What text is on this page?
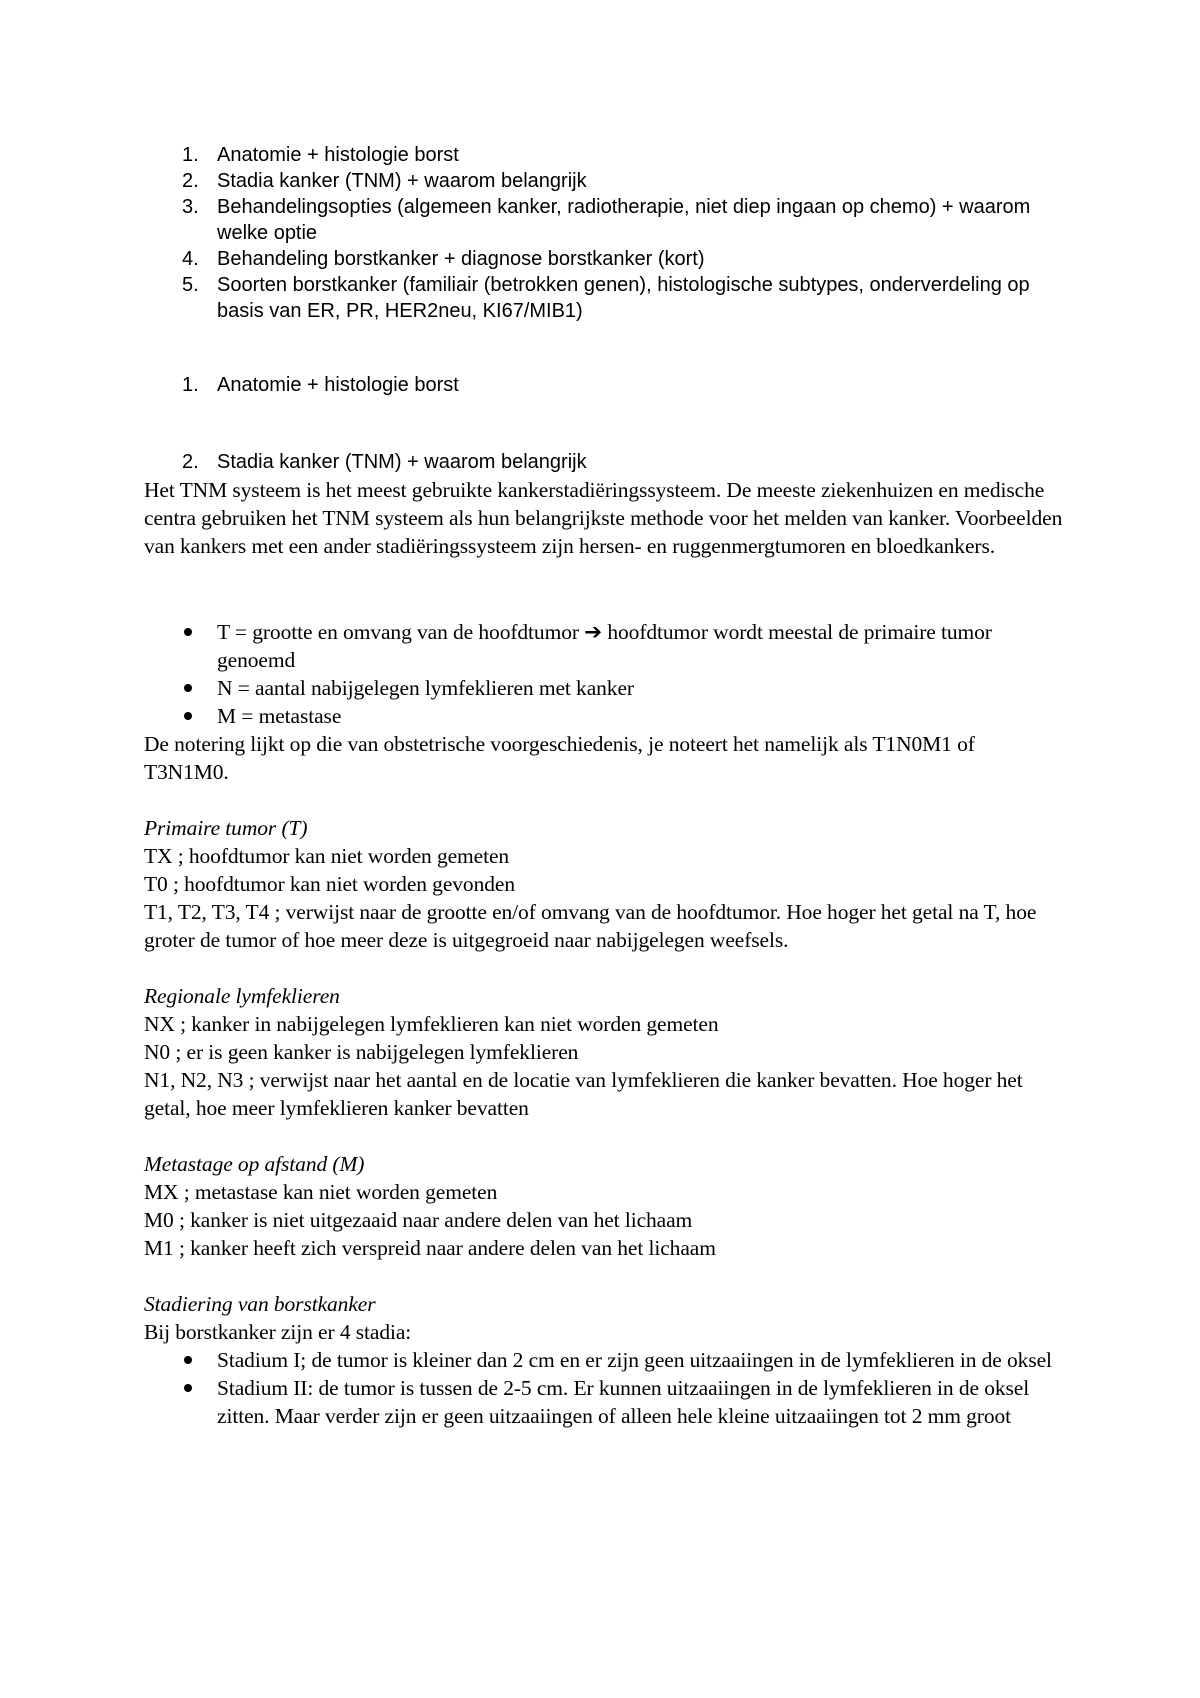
1. Anatomie + histologie borst
2. Stadia kanker (TNM) + waarom belangrijk
3. Behandelingsopties (algemeen kanker, radiotherapie, niet diep ingaan op chemo) + waarom welke optie
4. Behandeling borstkanker + diagnose borstkanker (kort)
5. Soorten borstkanker (familiair (betrokken genen), histologische subtypes, onderverdeling op basis van ER, PR, HER2neu, KI67/MIB1)
1. Anatomie + histologie borst
2. Stadia kanker (TNM) + waarom belangrijk

Het TNM systeem is het meest gebruikte kankerstadiëringssysteem. De meeste ziekenhuizen en medische centra gebruiken het TNM systeem als hun belangrijkste methode voor het melden van kanker. Voorbeelden van kankers met een ander stadiëringssysteem zijn hersen- en ruggenmergtumoren en bloedkankers.

T = grootte en omvang van de hoofdtumor ➔ hoofdtumor wordt meestal de primaire tumor genoemd
N = aantal nabijgelegen lymfeklieren met kanker
M = metastase

De notering lijkt op die van obstetrische voorgeschiedenis, je noteert het namelijk als T1N0M1 of T3N1M0.

Primaire tumor (T)

TX ; hoofdtumor kan niet worden gemeten

T0 ; hoofdtumor kan niet worden gevonden

T1, T2, T3, T4 ; verwijst naar de grootte en/of omvang van de hoofdtumor. Hoe hoger het getal na T, hoe groter de tumor of hoe meer deze is uitgegroeid naar nabijgelegen weefsels.

Regionale lymfeklieren

NX ; kanker in nabijgelegen lymfeklieren kan niet worden gemeten

N0 ; er is geen kanker is nabijgelegen lymfeklieren

N1, N2, N3 ; verwijst naar het aantal en de locatie van lymfeklieren die kanker bevatten. Hoe hoger het getal, hoe meer lymfeklieren kanker bevatten

Metastage op afstand (M)

MX ; metastase kan niet worden gemeten

M0 ; kanker is niet uitgezaaid naar andere delen van het lichaam

M1 ; kanker heeft zich verspreid naar andere delen van het lichaam

Stadiering van borstkanker

Bij borstkanker zijn er 4 stadia:

Stadium I; de tumor is kleiner dan 2 cm en er zijn geen uitzaaiingen in de lymfeklieren in de oksel
Stadium II: de tumor is tussen de 2-5 cm. Er kunnen uitzaaiingen in de lymfeklieren in de oksel zitten. Maar verder zijn er geen uitzaaiingen of alleen hele kleine uitzaaiingen tot 2 mm groot
